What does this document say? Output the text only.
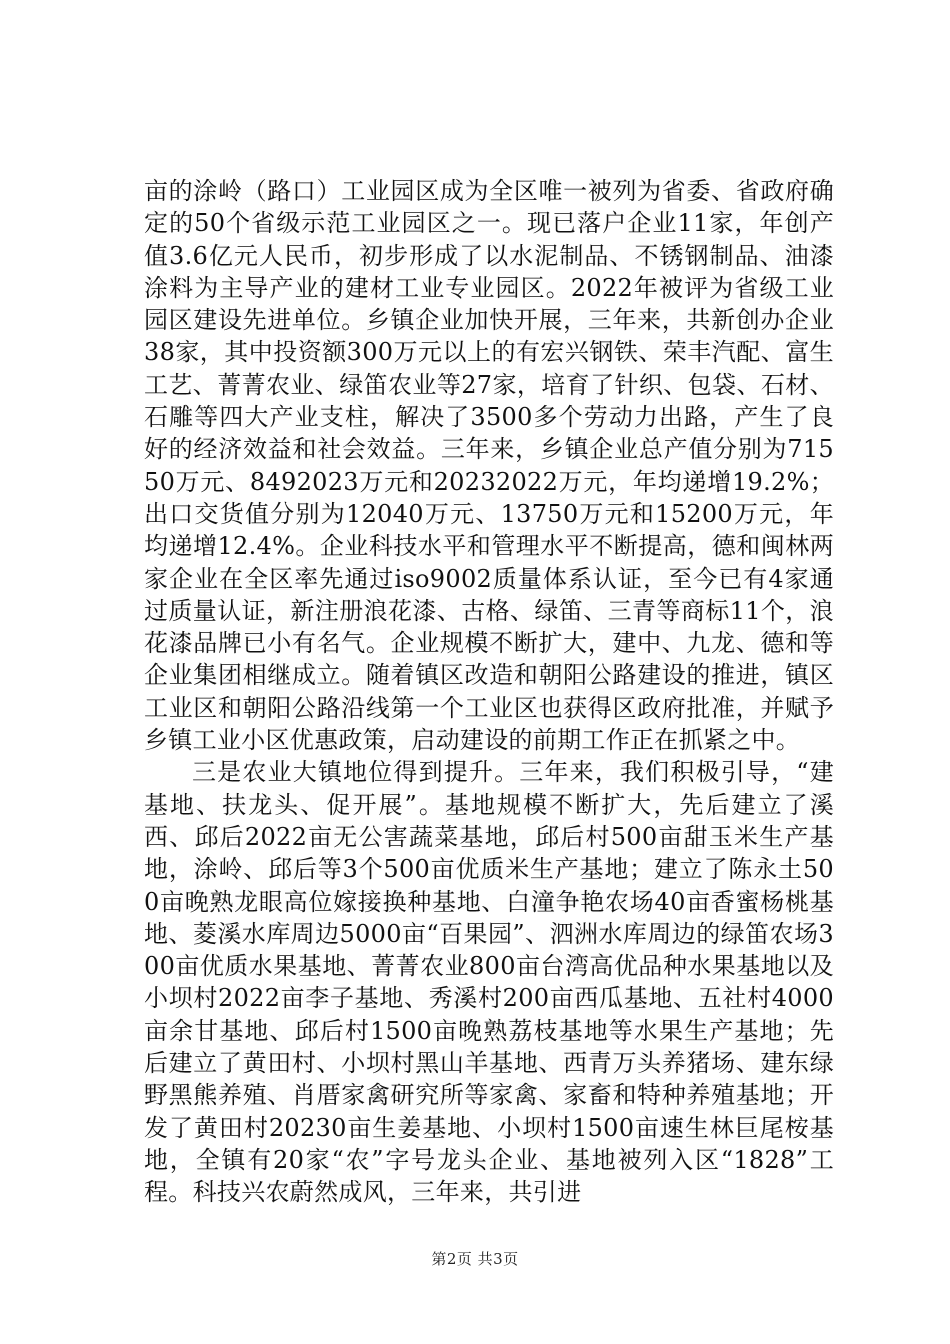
亩的涂岭（路口）工业园区成为全区唯一被列为省委、省政府确定的50个省级示范工业园区之一。现已落户企业11家，年创产值3.6亿元人民币，初步形成了以水泥制品、不锈钢制品、油漆涂料为主导产业的建材工业专业园区。2022年被评为省级工业园区建设先进单位。乡镇企业加快开展，三年来，共新创办企业38家，其中投资额300万元以上的有宏兴钢铁、荣丰汽配、富生工艺、菁菁农业、绿笛农业等27家，培育了针织、包袋、石材、石雕等四大产业支柱，解决了3500多个劳动力出路，产生了良好的经济效益和社会效益。三年来，乡镇企业总产值分别为71550万元、8492023万元和20232022万元，年均递增19.2%；出口交货值分别为12040万元、13750万元和15200万元，年均递增12.4%。企业科技水平和管理水平不断提高，德和闽林两家企业在全区率先通过iso9002质量体系认证，至今已有4家通过质量认证，新注册浪花漆、古格、绿笛、三青等商标11个，浪花漆品牌已小有名气。企业规模不断扩大，建中、九龙、德和等企业集团相继成立。随着镇区改造和朝阳公路建设的推进，镇区工业区和朝阳公路沿线第一个工业区也获得区政府批准，并赋予乡镇工业小区优惠政策，启动建设的前期工作正在抓紧之中。

三是农业大镇地位得到提升。三年来，我们积极引导，“建基地、扶龙头、促开展”。基地规模不断扩大，先后建立了溪西、邱后2022亩无公害蔬菜基地，邱后村500亩甜玉米生产基地，涂岭、邱后等3个500亩优质米生产基地；建立了陈永土500亩晚熟龙眼高位嫁接换种基地、白潼争艳农场40亩香蜜杨桃基地、菱溪水库周边5000亩“百果园”、泗洲水库周边的绿笛农场300亩优质水果基地、菁菁农业800亩台湾高优品种水果基地以及小坝村2022亩李子基地、秀溪村200亩西瓜基地、五社村4000亩余甘基地、邱后村1500亩晚熟荔枝基地等水果生产基地；先后建立了黄田村、小坝村黑山羊基地、西青万头养猪场、建东绿野黑熊养殖、肖厝家禽研究所等家禽、家畜和特种养殖基地；开发了黄田村20230亩生姜基地、小坝村1500亩速生林巨尾桉基地，全镇有20家“农”字号龙头企业、基地被列入区“1828”工程。科技兴农蔚然成风，三年来，共引进

第2页 共3页
